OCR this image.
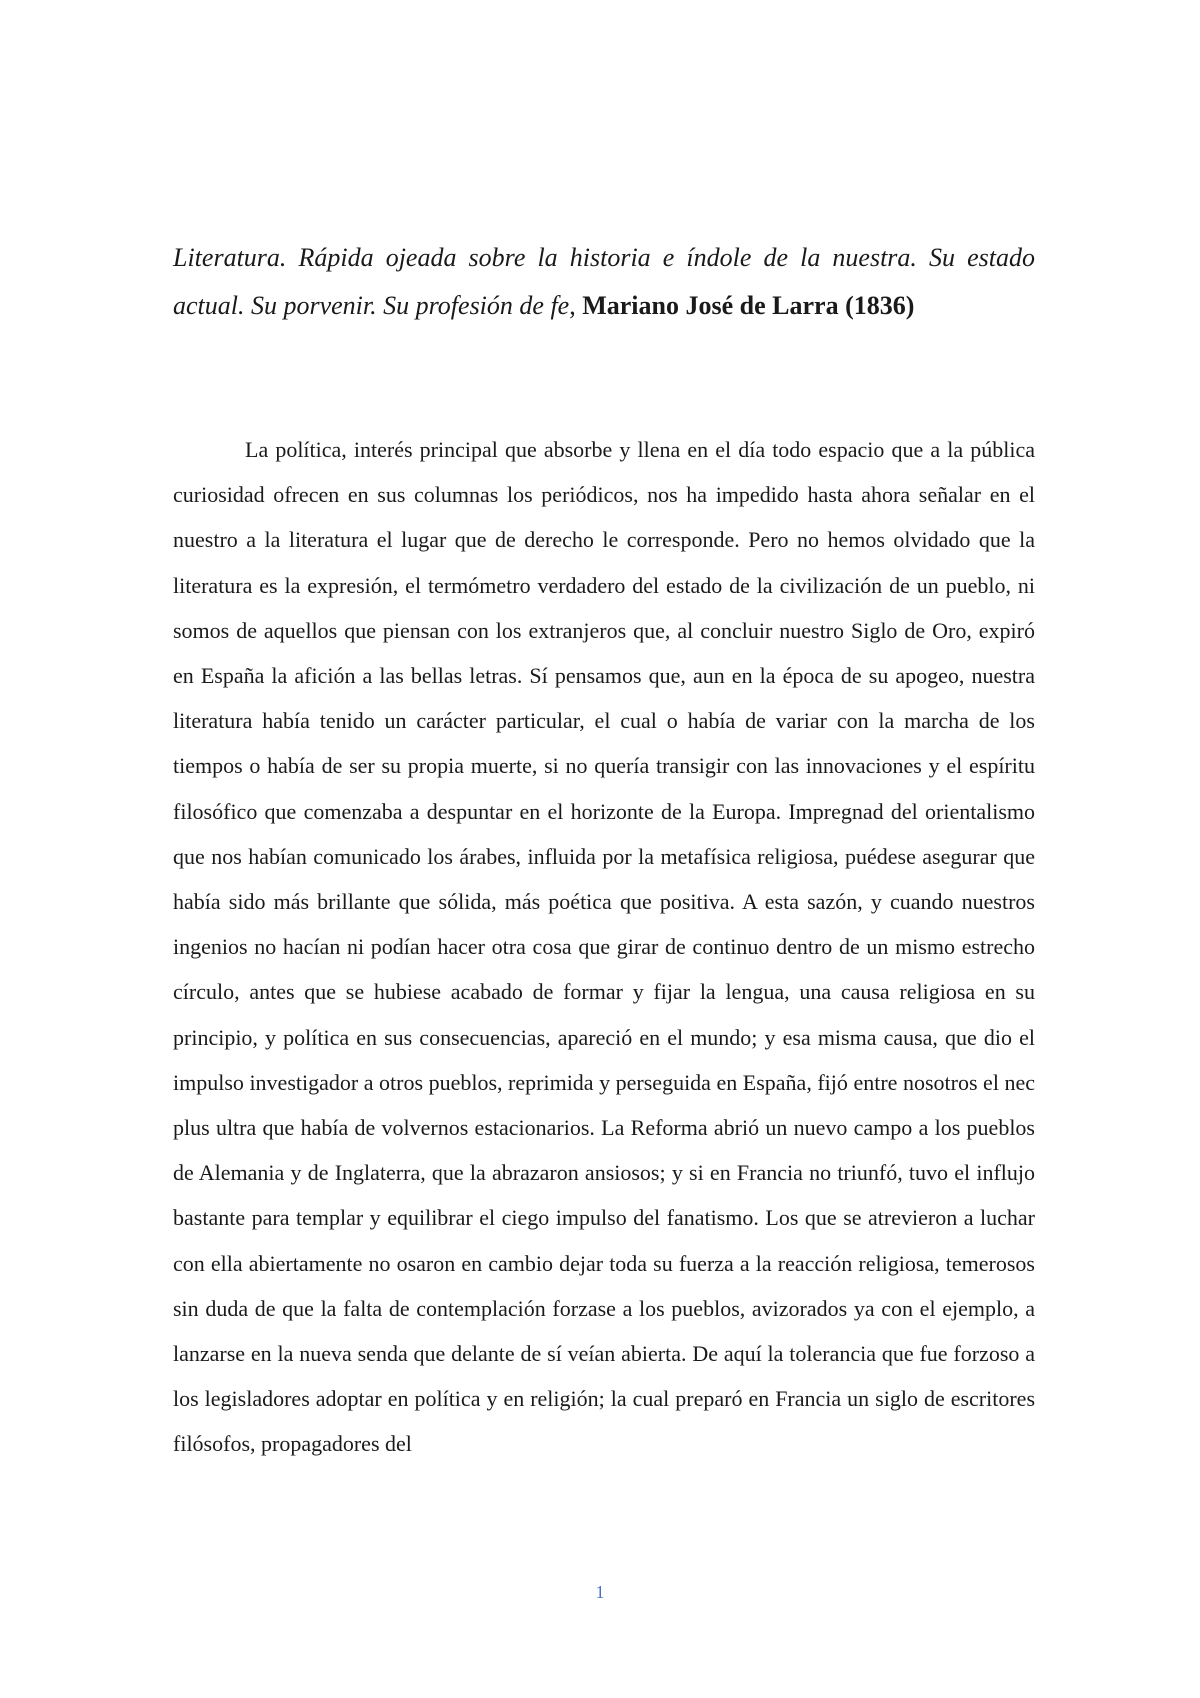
Literatura. Rápida ojeada sobre la historia e índole de la nuestra. Su estado actual. Su porvenir. Su profesión de fe, Mariano José de Larra (1836)

La política, interés principal que absorbe y llena en el día todo espacio que a la pública curiosidad ofrecen en sus columnas los periódicos, nos ha impedido hasta ahora señalar en el nuestro a la literatura el lugar que de derecho le corresponde. Pero no hemos olvidado que la literatura es la expresión, el termómetro verdadero del estado de la civilización de un pueblo, ni somos de aquellos que piensan con los extranjeros que, al concluir nuestro Siglo de Oro, expiró en España la afición a las bellas letras. Sí pensamos que, aun en la época de su apogeo, nuestra literatura había tenido un carácter particular, el cual o había de variar con la marcha de los tiempos o había de ser su propia muerte, si no quería transigir con las innovaciones y el espíritu filosófico que comenzaba a despuntar en el horizonte de la Europa. Impregnad del orientalismo que nos habían comunicado los árabes, influida por la metafísica religiosa, puédese asegurar que había sido más brillante que sólida, más poética que positiva. A esta sazón, y cuando nuestros ingenios no hacían ni podían hacer otra cosa que girar de continuo dentro de un mismo estrecho círculo, antes que se hubiese acabado de formar y fijar la lengua, una causa religiosa en su principio, y política en sus consecuencias, apareció en el mundo; y esa misma causa, que dio el impulso investigador a otros pueblos, reprimida y perseguida en España, fijó entre nosotros el nec plus ultra que había de volvernos estacionarios. La Reforma abrió un nuevo campo a los pueblos de Alemania y de Inglaterra, que la abrazaron ansiosos; y si en Francia no triunfó, tuvo el influjo bastante para templar y equilibrar el ciego impulso del fanatismo. Los que se atrevieron a luchar con ella abiertamente no osaron en cambio dejar toda su fuerza a la reacción religiosa, temerosos sin duda de que la falta de contemplación forzase a los pueblos, avizorados ya con el ejemplo, a lanzarse en la nueva senda que delante de sí veían abierta. De aquí la tolerancia que fue forzoso a los legisladores adoptar en política y en religión; la cual preparó en Francia un siglo de escritores filósofos, propagadores del

1
